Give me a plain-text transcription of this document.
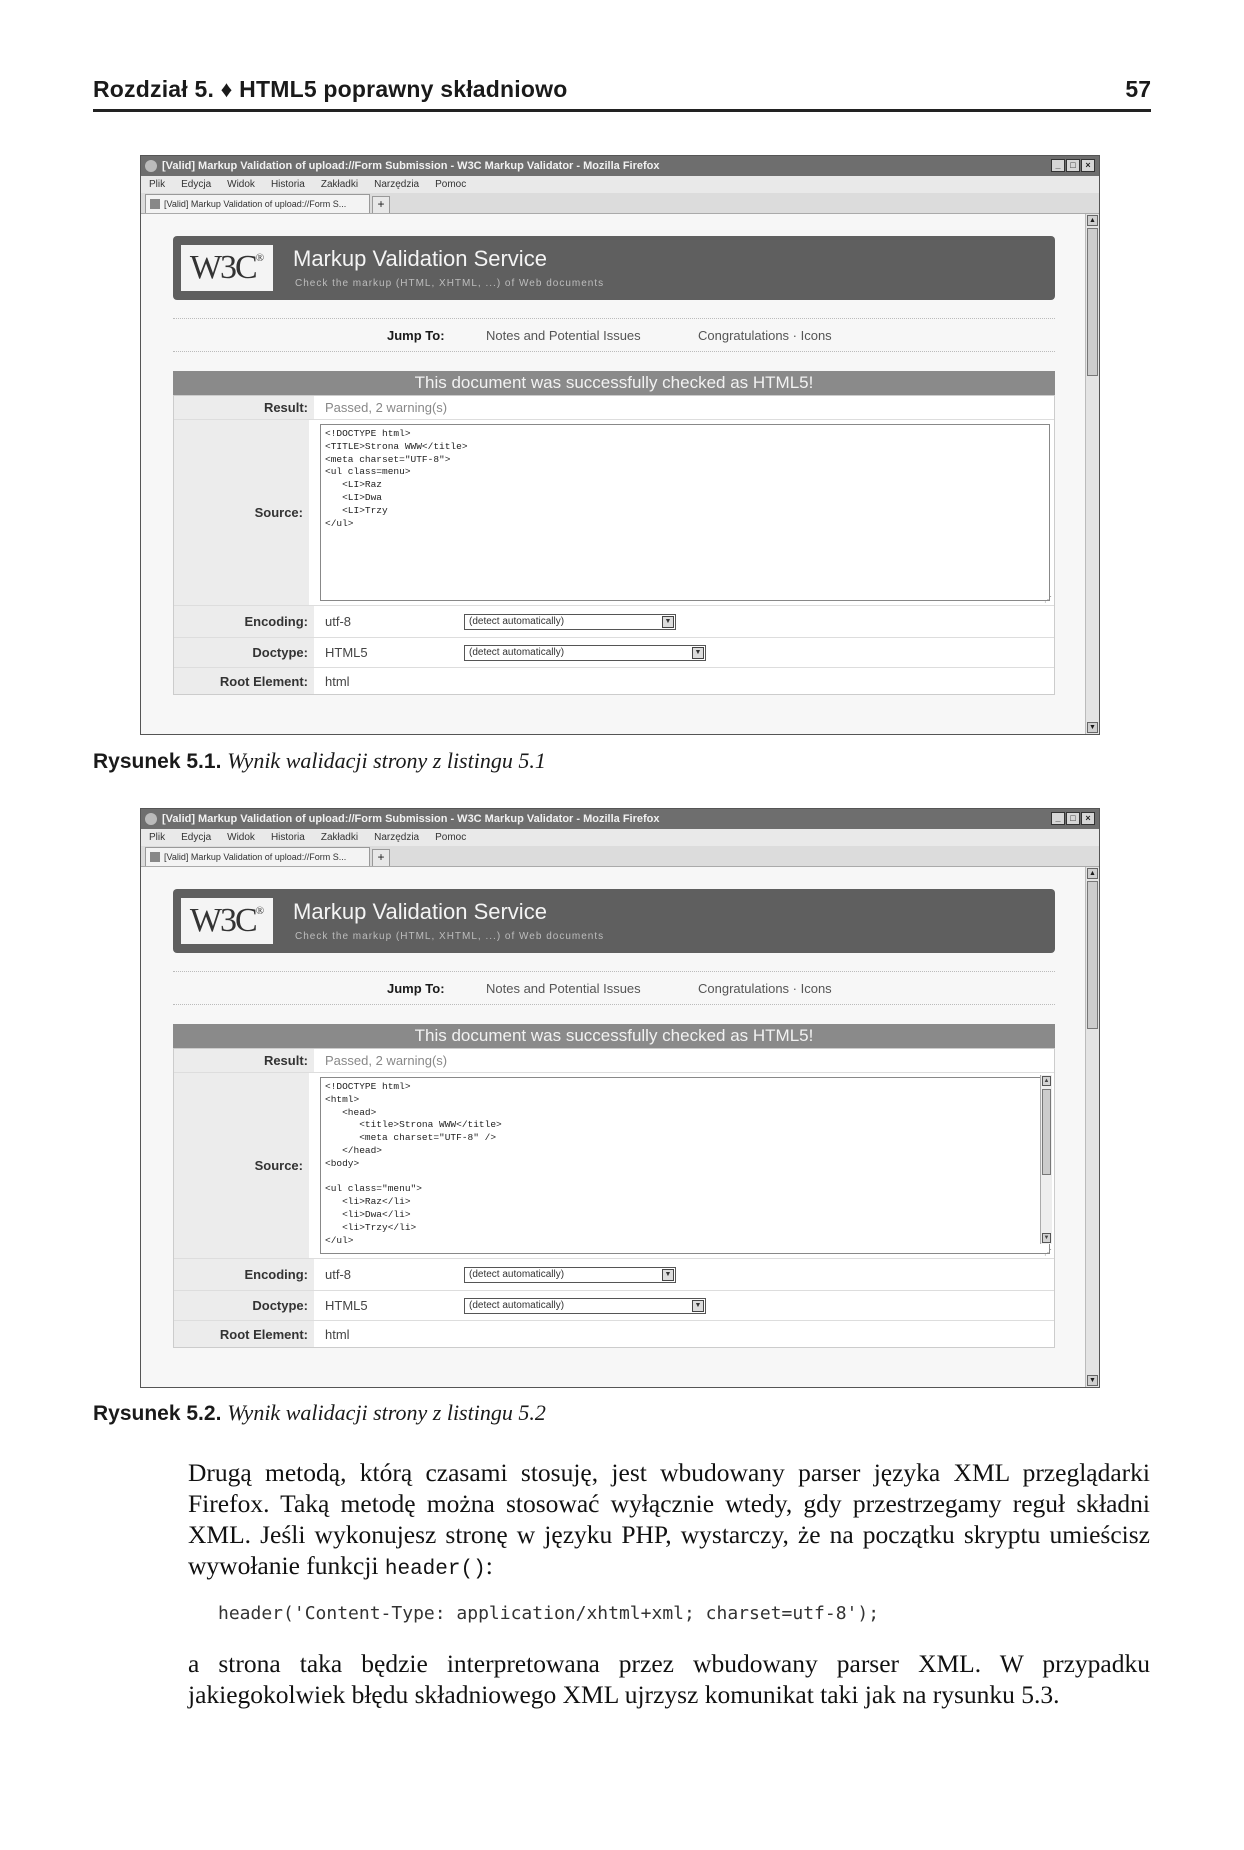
Rozdział 5. ♦ HTML5 poprawny składniowo	57
[Valid] Markup Validation of upload://Form Submission - W3C Markup Validator - Mozilla Firefox	_	□	×
Plik Edycja Widok Historia Zakładki Narzędzia Pomoc
[Valid] Markup Validation of upload://Form S...	+
▲
▼
W3C®	Markup Validation Service
Check the markup (HTML, XHTML, ...) of Web documents
Jump To:	Notes and Potential Issues	Congratulations · Icons
This document was successfully checked as HTML5!
Result:	Passed, 2 warning(s)
Source:
<!DOCTYPE html>
<TITLE>Strona WWW</title>
<meta charset="UTF-8">
<ul class=menu>
<LI>Raz
<LI>Dwa
<LI>Trzy
</ul>
⋰
Encoding:	utf-8	(detect automatically)	▼
Doctype:	HTML5	(detect automatically)	▼
Root Element:	html
Rysunek 5.1. Wynik walidacji strony z listingu 5.1
[Valid] Markup Validation of upload://Form Submission - W3C Markup Validator - Mozilla Firefox	_	□	×
Plik Edycja Widok Historia Zakładki Narzędzia Pomoc
[Valid] Markup Validation of upload://Form S...	+
▲
▼
W3C®	Markup Validation Service
Check the markup (HTML, XHTML, ...) of Web documents
Jump To:	Notes and Potential Issues	Congratulations · Icons
This document was successfully checked as HTML5!
Result:	Passed, 2 warning(s)
Source:
<!DOCTYPE html>
<html>
<head>
<title>Strona WWW</title>
<meta charset="UTF-8" />
</head>
<body>

<ul class="menu">
<li>Raz</li>
<li>Dwa</li>
<li>Trzy</li>
</ul>
▲
▼
⋰
Encoding:	utf-8	(detect automatically)	▼
Doctype:	HTML5	(detect automatically)	▼
Root Element:	html
Rysunek 5.2. Wynik walidacji strony z listingu 5.2

Drugą metodą, którą czasami stosuję, jest wbudowany parser języka XML przeglądarki Firefox. Taką metodę można stosować wyłącznie wtedy, gdy przestrzegamy reguł składni XML. Jeśli wykonujesz stronę w języku PHP, wystarczy, że na początku skryptu umieścisz wywołanie funkcji header():

header('Content-Type: application/xhtml+xml; charset=utf-8');

a strona taka będzie interpretowana przez wbudowany parser XML. W przypadku jakiegokolwiek błędu składniowego XML ujrzysz komunikat taki jak na rysunku 5.3.
